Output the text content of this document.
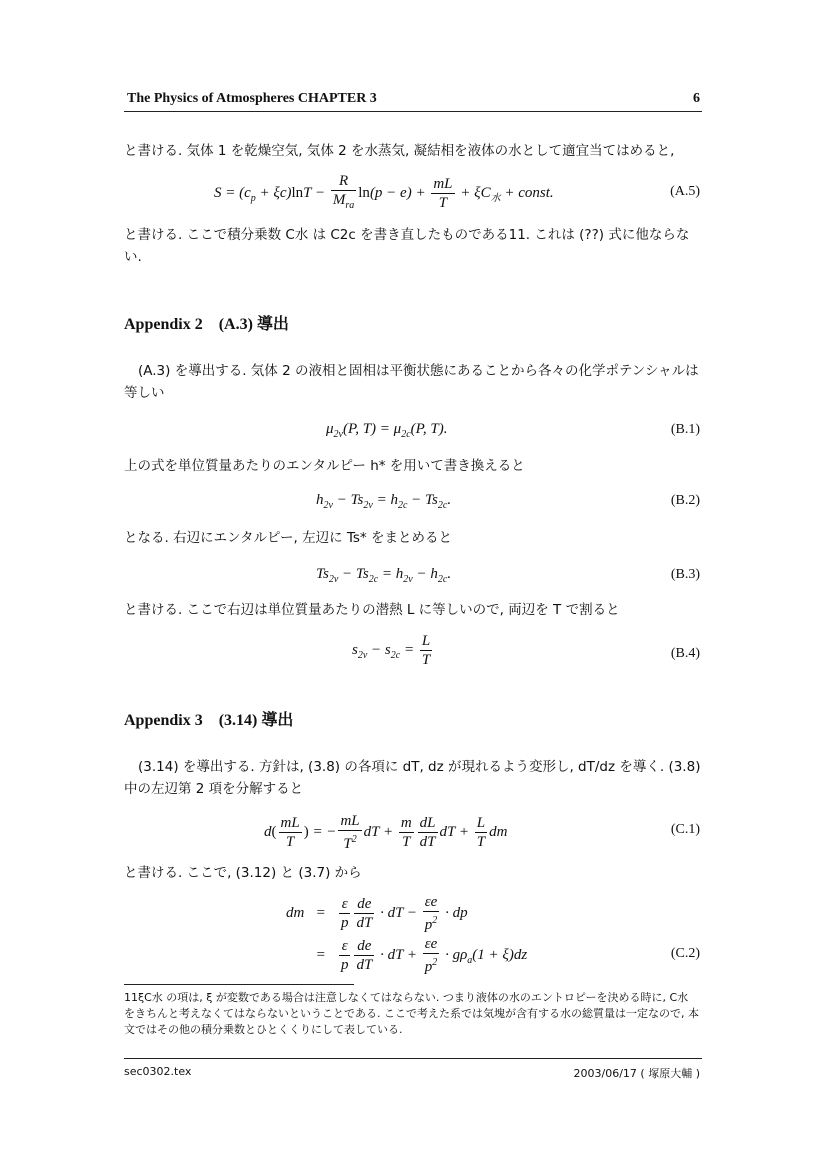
The Physics of Atmospheres CHAPTER 3	6
と書ける. 気体 1 を乾燥空気, 気体 2 を水蒸気, 凝結相を液体の水として適宜当てはめると,
$S = (c_p + \xi c)\ln T - \frac{R}{M_{ra}} \ln(p - e) + \frac{mL}{T} + \xi C_水$ + const.	(A.5)
と書ける. ここで積分乗数 C水 は C2c を書き直したものである11. これは (??) 式に他ならない.
Appendix 2　(A.3) 導出
(A.3) を導出する. 気体 2 の液相と固相は平衡状態にあることから各々の化学ポテンシャルは等しい
$\mu_{2v}(P$, $T) = \mu_{2c}(P$, T).	(B.1)
上の式を単位質量あたりのエンタルピー h* を用いて書き換えると
$h_{2v} - Ts_{2v} = h_{2c} - Ts_{2c}$.	(B.2)
となる. 右辺にエンタルピー, 左辺に Ts* をまとめると
$Ts_{2v} - Ts_{2c} = h_{2v} - h_{2c}$.	(B.3)
と書ける. ここで右辺は単位質量あたりの潜熱 L に等しいので, 両辺を T で割ると
$s_{2v} - s_{2c} = \frac{L}{T}$	(B.4)
Appendix 3　(3.14) 導出
(3.14) を導出する. 方針は, (3.8) の各項に dT, dz が現れるよう変形し, dT/dz を導く. (3.8) 中の左辺第 2 項を分解すると
$d( \frac{mL}{T}$ ) = − $\frac{mL}{T^2}$ dT + $\frac{m}{T} \frac{dL}{dT}$ dT + $\frac{L}{T}$ dm	(C.1)
と書ける. ここで, (3.12) と (3.7) から
dm   = $\frac{\varepsilon}{p} \frac{de}{dT}$ · dT − $\frac{\varepsilon e}{p^2}$ · dp
= $\frac{\varepsilon}{p} \frac{de}{dT}$ · dT + $\frac{\varepsilon e}{p^2} \cdot g\rho_a(1 + \xi)dz$	(C.2)
11ξC水 の項は, ξ が変数である場合は注意しなくてはならない. つまり液体の水のエントロピーを決める時に, C水 をきちんと考えなくてはならないということである. ここで考えた系では気塊が含有する水の総質量は一定なので, 本文ではその他の積分乗数とひとくくりにして表している.
sec0302.tex	2003/06/17 ( 塚原大輔 )
